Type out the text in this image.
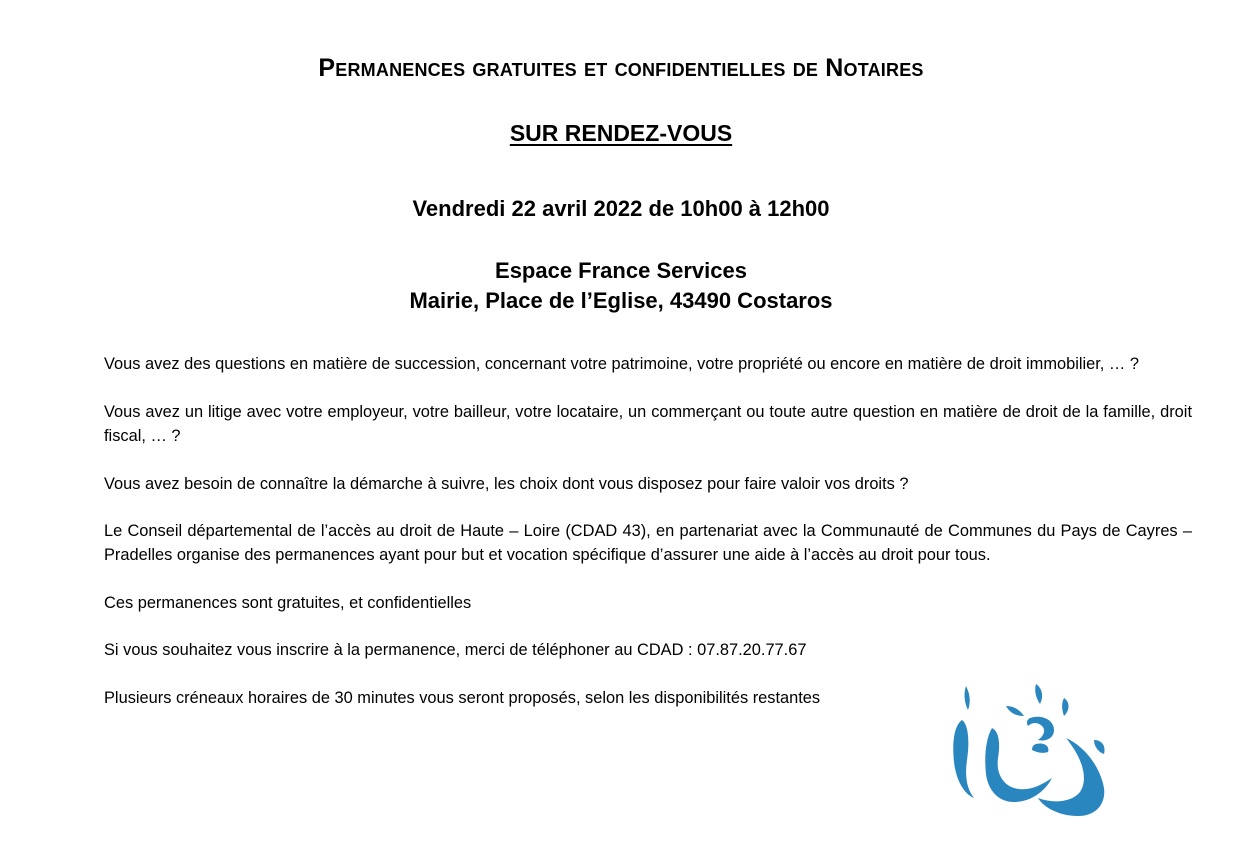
Permanences gratuites et confidentielles de Notaires
SUR RENDEZ-VOUS
Vendredi 22 avril 2022 de 10h00 à 12h00
Espace France Services
Mairie, Place de l’Eglise, 43490 Costaros
Vous avez des questions en matière de succession, concernant votre patrimoine, votre propriété ou encore en matière de droit immobilier, … ?
Vous avez un litige avec votre employeur, votre bailleur, votre locataire, un commerçant ou toute autre question en matière de droit de la famille, droit fiscal, … ?
Vous avez besoin de connaître la démarche à suivre, les choix dont vous disposez pour faire valoir vos droits ?
Le Conseil départemental de l’accès au droit de Haute – Loire (CDAD 43), en partenariat avec la Communauté de Communes du Pays de Cayres – Pradelles organise des permanences ayant pour but et vocation spécifique d’assurer une aide à l’accès au droit pour tous.
Ces permanences sont gratuites, et confidentielles
Si vous souhaitez vous inscrire à la permanence, merci de téléphoner au CDAD : 07.87.20.77.67
Plusieurs créneaux horaires de 30 minutes vous seront proposés, selon les disponibilités restantes
